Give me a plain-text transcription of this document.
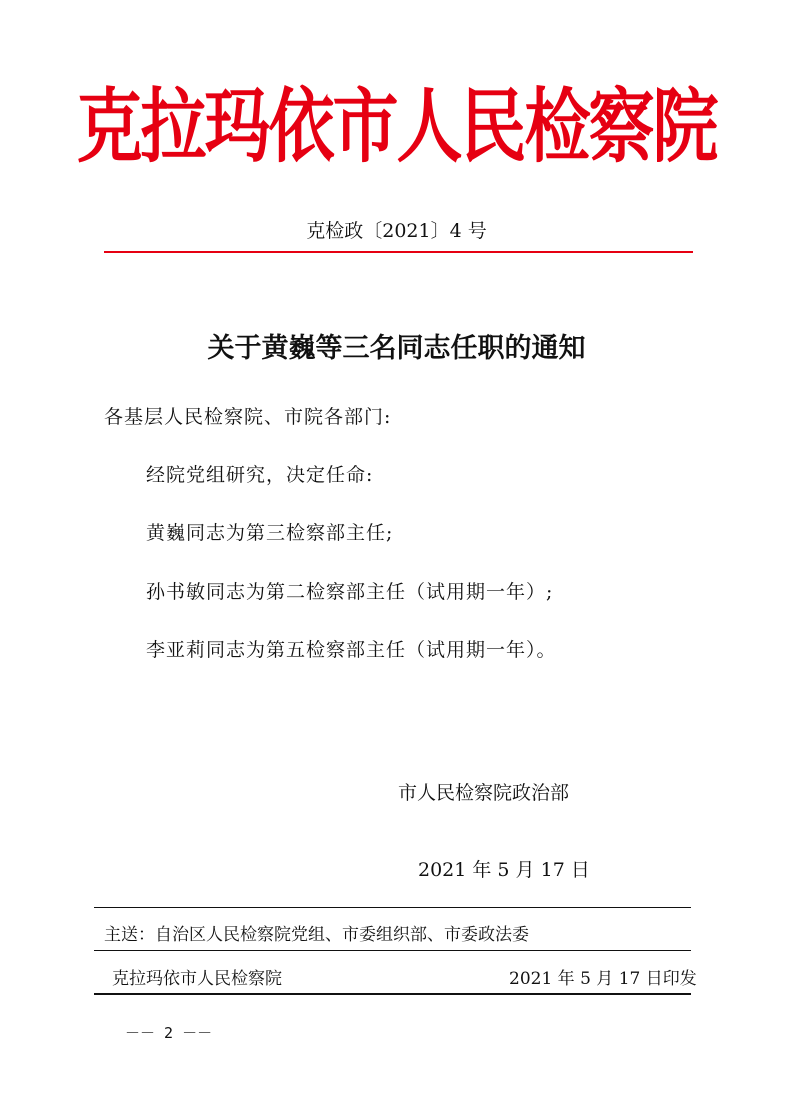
克拉玛依市人民检察院
克检政〔2021〕4 号
关于黄巍等三名同志任职的通知
各基层人民检察院、市院各部门:
经院党组研究，决定任命:
黄巍同志为第三检察部主任;
孙书敏同志为第二检察部主任（试用期一年）;
李亚莉同志为第五检察部主任（试用期一年）。
市人民检察院政治部
2021 年 5 月 17 日
主送：自治区人民检察院党组、市委组织部、市委政法委
克拉玛依市人民检察院	2021 年 5 月 17 日印发
－－ 2 －－
